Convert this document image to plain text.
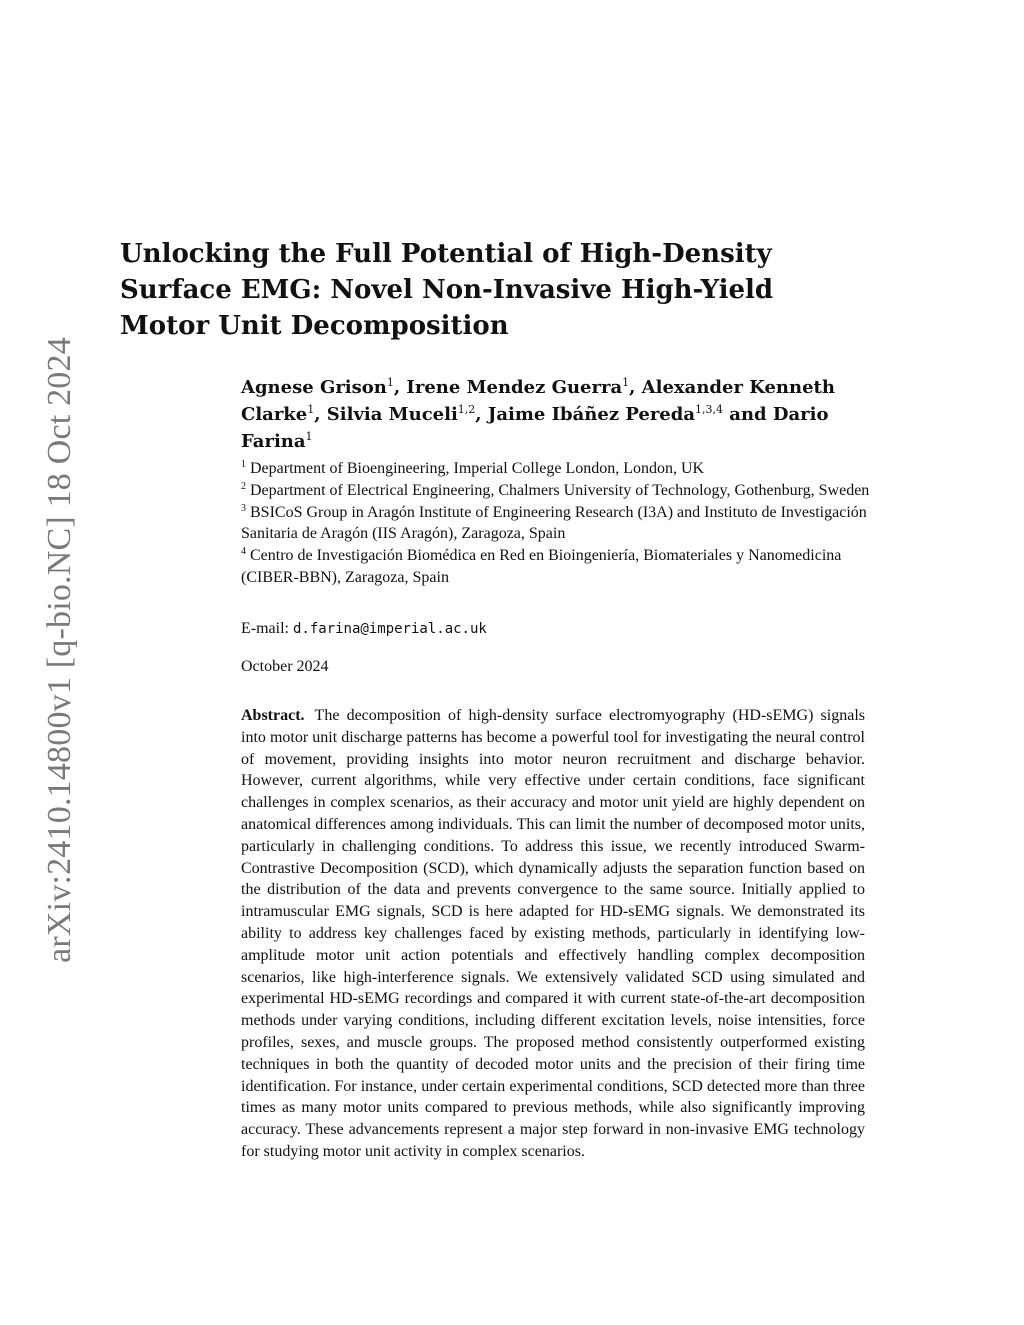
arXiv:2410.14800v1 [q-bio.NC] 18 Oct 2024
Unlocking the Full Potential of High-Density
Surface EMG: Novel Non-Invasive High-Yield
Motor Unit Decomposition

Agnese Grison$^1$, Irene Mendez Guerra$^1$, Alexander Kenneth Clarke$^1$, Silvia Muceli$^{1,2}$, Jaime Ibáñez Pereda$^{1,3,4}$ and Dario Farina$^1$

$^1$ Department of Bioengineering, Imperial College London, London, UK
$^2$ Department of Electrical Engineering, Chalmers University of Technology, Gothenburg, Sweden
$^3$ BSICoS Group in Aragón Institute of Engineering Research (I3A) and Instituto de Investigación Sanitaria de Aragón (IIS Aragón), Zaragoza, Spain
$^4$ Centro de Investigación Biomédica en Red en Bioingeniería, Biomateriales y Nanomedicina (CIBER-BBN), Zaragoza, Spain

E-mail: d.farina@imperial.ac.uk

October 2024

Abstract. The decomposition of high-density surface electromyography (HD-sEMG) signals into motor unit discharge patterns has become a powerful tool for investigating the neural control of movement, providing insights into motor neuron recruitment and discharge behavior. However, current algorithms, while very effective under certain conditions, face significant challenges in complex scenarios, as their accuracy and motor unit yield are highly dependent on anatomical differences among individuals. This can limit the number of decomposed motor units, particularly in challenging conditions. To address this issue, we recently introduced Swarm-Contrastive Decomposition (SCD), which dynamically adjusts the separation function based on the distribution of the data and prevents convergence to the same source. Initially applied to intramuscular EMG signals, SCD is here adapted for HD-sEMG signals. We demonstrated its ability to address key challenges faced by existing methods, particularly in identifying low-amplitude motor unit action potentials and effectively handling complex decomposition scenarios, like high-interference signals. We extensively validated SCD using simulated and experimental HD-sEMG recordings and compared it with current state-of-the-art decomposition methods under varying conditions, including different excitation levels, noise intensities, force profiles, sexes, and muscle groups. The proposed method consistently outperformed existing techniques in both the quantity of decoded motor units and the precision of their firing time identification. For instance, under certain experimental conditions, SCD detected more than three times as many motor units compared to previous methods, while also significantly improving accuracy. These advancements represent a major step forward in non-invasive EMG technology for studying motor unit activity in complex scenarios.
